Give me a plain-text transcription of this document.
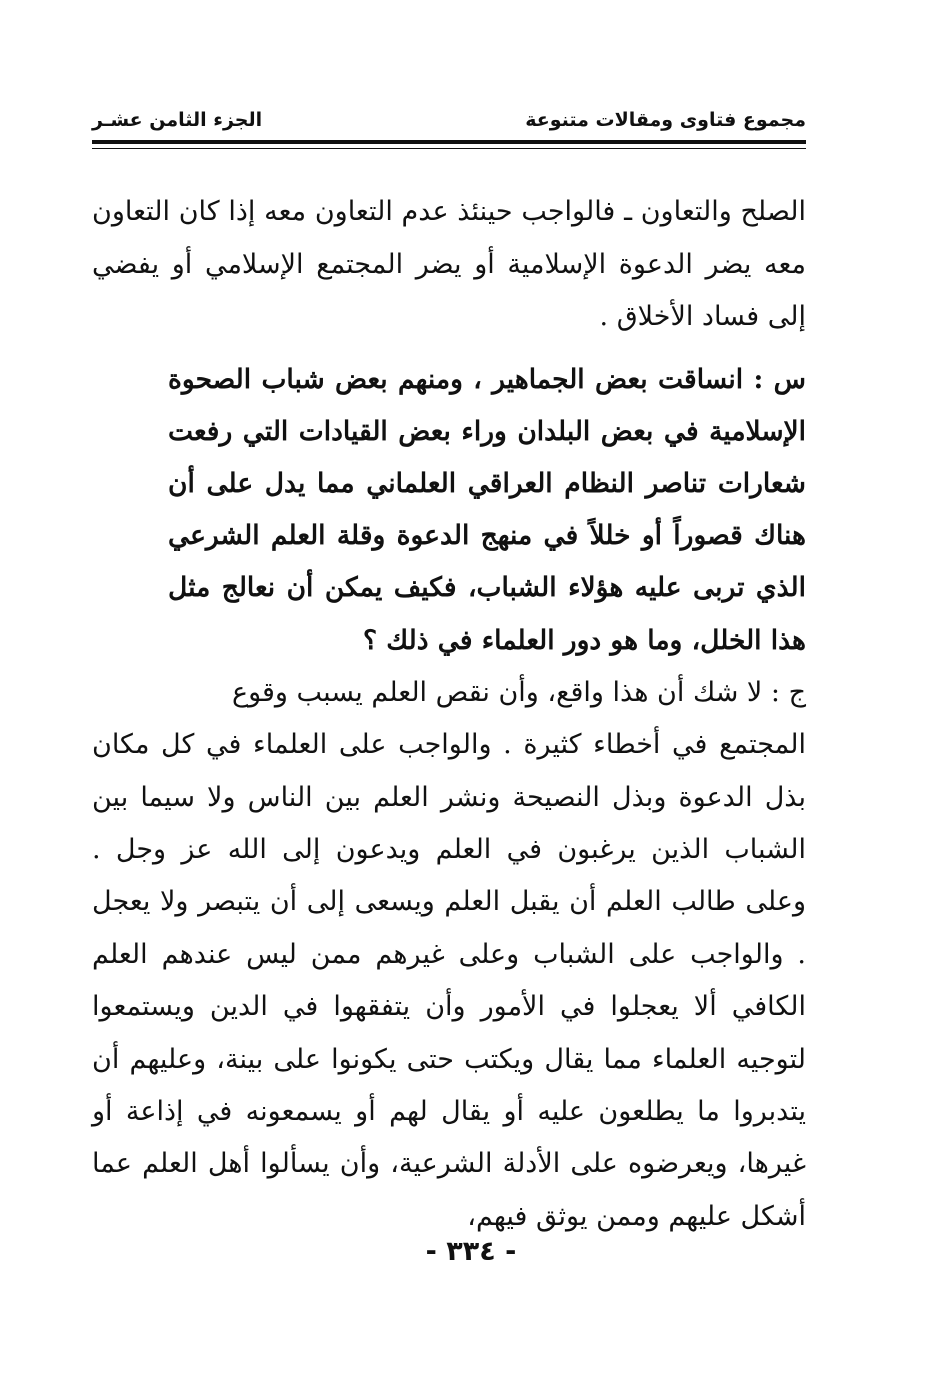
مجموع فتاوى ومقالات متنوعة
الجزء الثامن عشـر

الصلح والتعاون ـ فالواجب حينئذ عدم التعاون معه إذا كان التعاون معه يضر الدعوة الإسلامية أو يضر المجتمع الإسلامي أو يفضي إلى فساد الأخلاق .

س : انساقت بعض الجماهير ، ومنهم بعض شباب الصحوة الإسلامية في بعض البلدان وراء بعض القيادات التي رفعت شعارات تناصر النظام العراقي العلماني مما يدل على أن هناك قصوراً أو خللاً في منهج الدعوة وقلة العلم الشرعي الذي تربى عليه هؤلاء الشباب، فكيف يمكن أن نعالج مثل هذا الخلل، وما هو دور العلماء في ذلك ؟

ج : لا شك أن هذا واقع، وأن نقص العلم يسبب وقوع
المجتمع في أخطاء كثيرة . والواجب على العلماء في كل مكان بذل الدعوة وبذل النصيحة ونشر العلم بين الناس ولا سيما بين الشباب الذين يرغبون في العلم ويدعون إلى الله عز وجل . وعلى طالب العلم أن يقبل العلم ويسعى إلى أن يتبصر ولا يعجل . والواجب على الشباب وعلى غيرهم ممن ليس عندهم العلم الكافي ألا يعجلوا في الأمور وأن يتفقهوا في الدين ويستمعوا لتوجيه العلماء مما يقال ويكتب حتى يكونوا على بينة، وعليهم أن يتدبروا ما يطلعون عليه أو يقال لهم أو يسمعونه في إذاعة أو غيرها، ويعرضوه على الأدلة الشرعية، وأن يسألوا أهل العلم عما أشكل عليهم وممن يوثق فيهم،
- ٣٣٤ -
